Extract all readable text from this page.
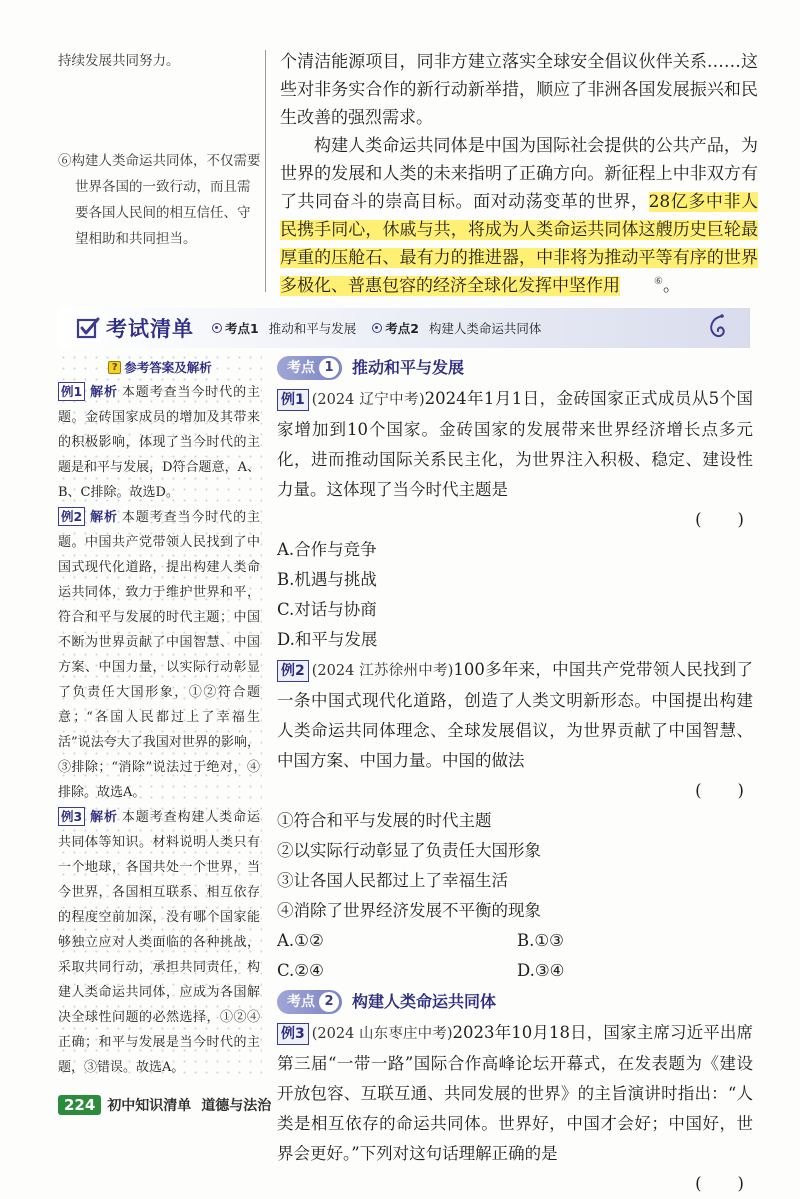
持续发展共同努力。

⑥构建人类命运共同体，不仅需要世界各国的一致行动，而且需要各国人民间的相互信任、守望相助和共同担当。

个清洁能源项目，同非方建立落实全球安全倡议伙伴关系……这些对非务实合作的新行动新举措，顺应了非洲各国发展振兴和民生改善的强烈需求。

构建人类命运共同体是中国为国际社会提供的公共产品，为世界的发展和人类的未来指明了正确方向。新征程上中非双方有了共同奋斗的崇高目标。面对动荡变革的世界，28亿多中非人民携手同心，休戚与共，将成为人类命运共同体这艘历史巨轮最厚重的压舱石、最有力的推进器，中非将为推动平等有序的世界多极化、普惠包容的经济全球化发挥中坚作用	⑥。

考试清单 考点1 推动和平与发展 考点2 构建人类命运共同体
? 参考答案及解析

例1 解析 本题考查当今时代的主题。金砖国家成员的增加及其带来的积极影响，体现了当今时代的主题是和平与发展，D符合题意，A、B、C排除。故选D。

例2 解析 本题考查当今时代的主题。中国共产党带领人民找到了中国式现代化道路，提出构建人类命运共同体，致力于维护世界和平，符合和平与发展的时代主题；中国不断为世界贡献了中国智慧、中国方案、中国力量，以实际行动彰显了负责任大国形象，①②符合题意；“各国人民都过上了幸福生活”说法夸大了我国对世界的影响，③排除；“消除”说法过于绝对，④排除。故选A。

例3 解析 本题考查构建人类命运共同体等知识。材料说明人类只有一个地球，各国共处一个世界，当今世界，各国相互联系、相互依存的程度空前加深，没有哪个国家能够独立应对人类面临的各种挑战，采取共同行动，承担共同责任，构建人类命运共同体，应成为各国解决全球性问题的必然选择，①②④正确；和平与发展是当今时代的主题，③错误。故选A。

考点 1	推动和平与发展

例1 (2024 辽宁中考)2024年1月1日，金砖国家正式成员从5个国家增加到10个国家。金砖国家的发展带来世界经济增长点多元化，进而推动国际关系民主化，为世界注入积极、稳定、建设性力量。这体现了当今时代主题是

(　　)

A.合作与竞争

B.机遇与挑战

C.对话与协商

D.和平与发展

例2 (2024 江苏徐州中考)100多年来，中国共产党带领人民找到了一条中国式现代化道路，创造了人类文明新形态。中国提出构建人类命运共同体理念、全球发展倡议，为世界贡献了中国智慧、中国方案、中国力量。中国的做法

(　　)

①符合和平与发展的时代主题

②以实际行动彰显了负责任大国形象

③让各国人民都过上了幸福生活

④消除了世界经济发展不平衡的现象

A.①②	B.①③
C.②④	D.③④
考点 2	构建人类命运共同体

例3 (2024 山东枣庄中考)2023年10月18日，国家主席习近平出席第三届“一带一路”国际合作高峰论坛开幕式，在发表题为《建设开放包容、互联互通、共同发展的世界》的主旨演讲时指出：“人类是相互依存的命运共同体。世界好，中国才会好；中国好，世界会更好。”下列对这句话理解正确的是

(　　)

224 初中知识清单 道德与法治
